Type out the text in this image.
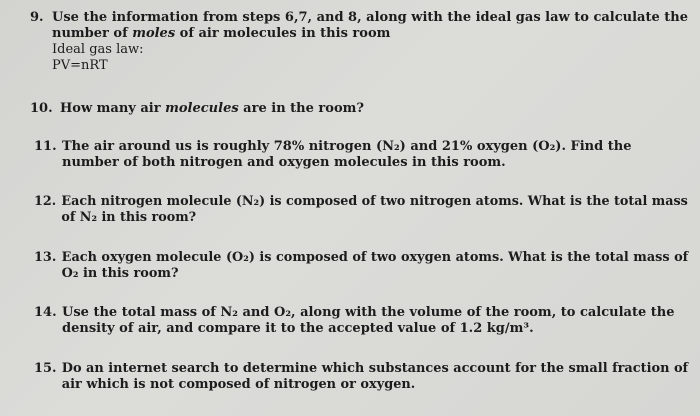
9. Use the information from steps 6,7, and 8, along with the ideal gas law to calculate the
number of moles of air molecules in this room
Ideal gas law:
PV=nRT
10. How many air molecules are in the room?
11. The air around us is roughly 78% nitrogen (N₂) and 21% oxygen (O₂). Find the
number of both nitrogen and oxygen molecules in this room.
12. Each nitrogen molecule (N₂) is composed of two nitrogen atoms. What is the total mass
of N₂ in this room?
13. Each oxygen molecule (O₂) is composed of two oxygen atoms. What is the total mass of
O₂ in this room?
14. Use the total mass of N₂ and O₂, along with the volume of the room, to calculate the
density of air, and compare it to the accepted value of 1.2 kg/m³.
15. Do an internet search to determine which substances account for the small fraction of
air which is not composed of nitrogen or oxygen.
